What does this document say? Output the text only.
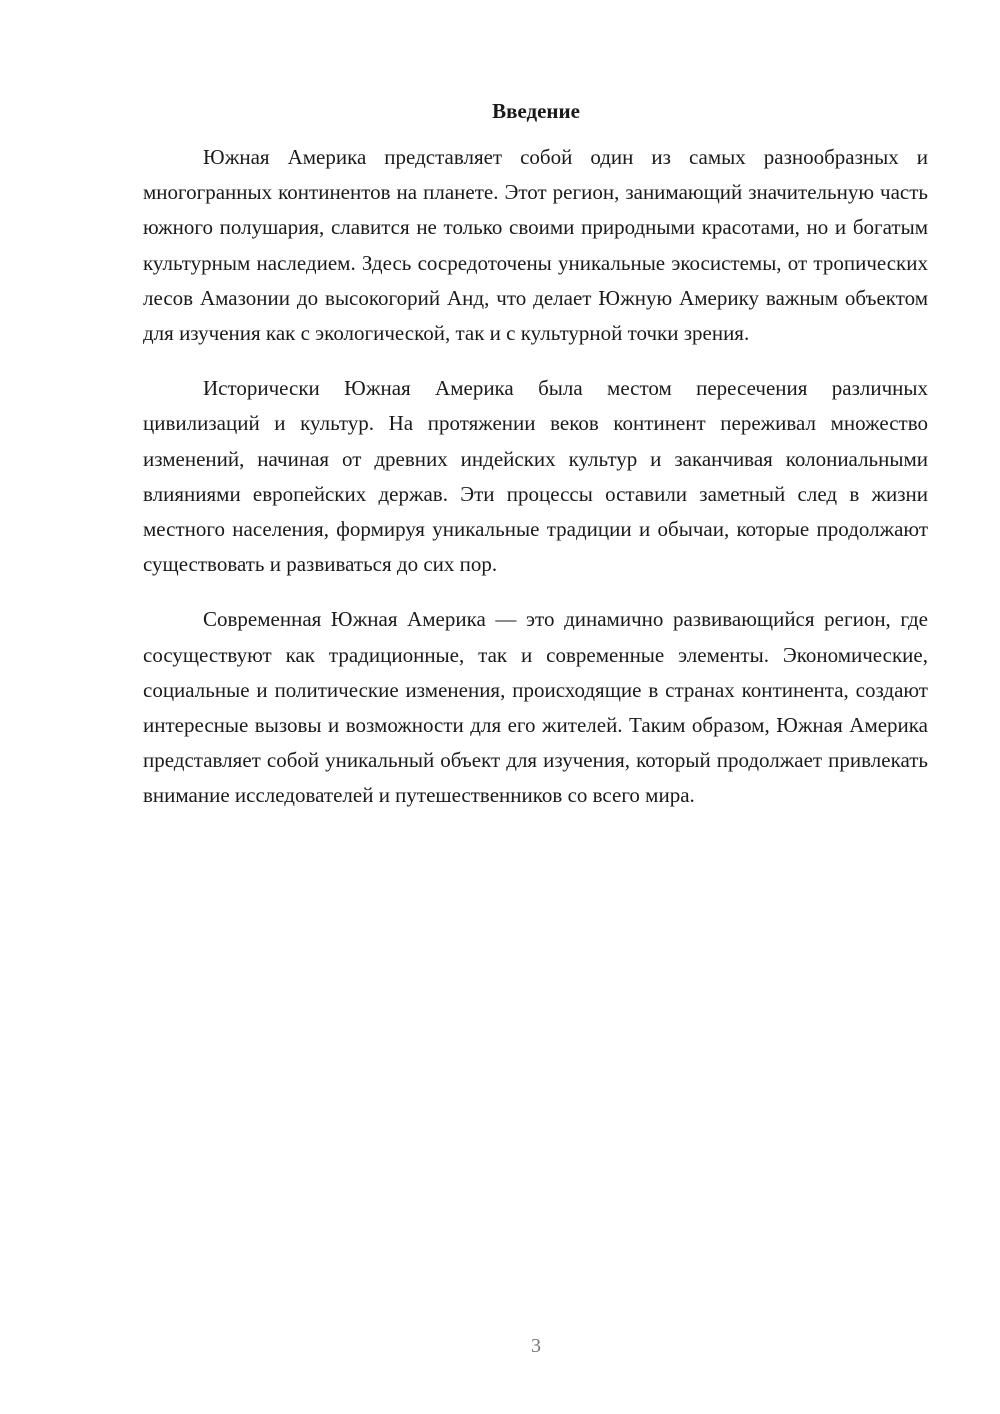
Введение

Южная Америка представляет собой один из самых разнообразных и многогранных континентов на планете. Этот регион, занимающий значительную часть южного полушария, славится не только своими природными красотами, но и богатым культурным наследием. Здесь сосредоточены уникальные экосистемы, от тропических лесов Амазонии до высокогорий Анд, что делает Южную Америку важным объектом для изучения как с экологической, так и с культурной точки зрения.

Исторически Южная Америка была местом пересечения различных цивилизаций и культур. На протяжении веков континент переживал множество изменений, начиная от древних индейских культур и заканчивая колониальными влияниями европейских держав. Эти процессы оставили заметный след в жизни местного населения, формируя уникальные традиции и обычаи, которые продолжают существовать и развиваться до сих пор.

Современная Южная Америка — это динамично развивающийся регион, где сосуществуют как традиционные, так и современные элементы. Экономические, социальные и политические изменения, происходящие в странах континента, создают интересные вызовы и возможности для его жителей. Таким образом, Южная Америка представляет собой уникальный объект для изучения, который продолжает привлекать внимание исследователей и путешественников со всего мира.

3
